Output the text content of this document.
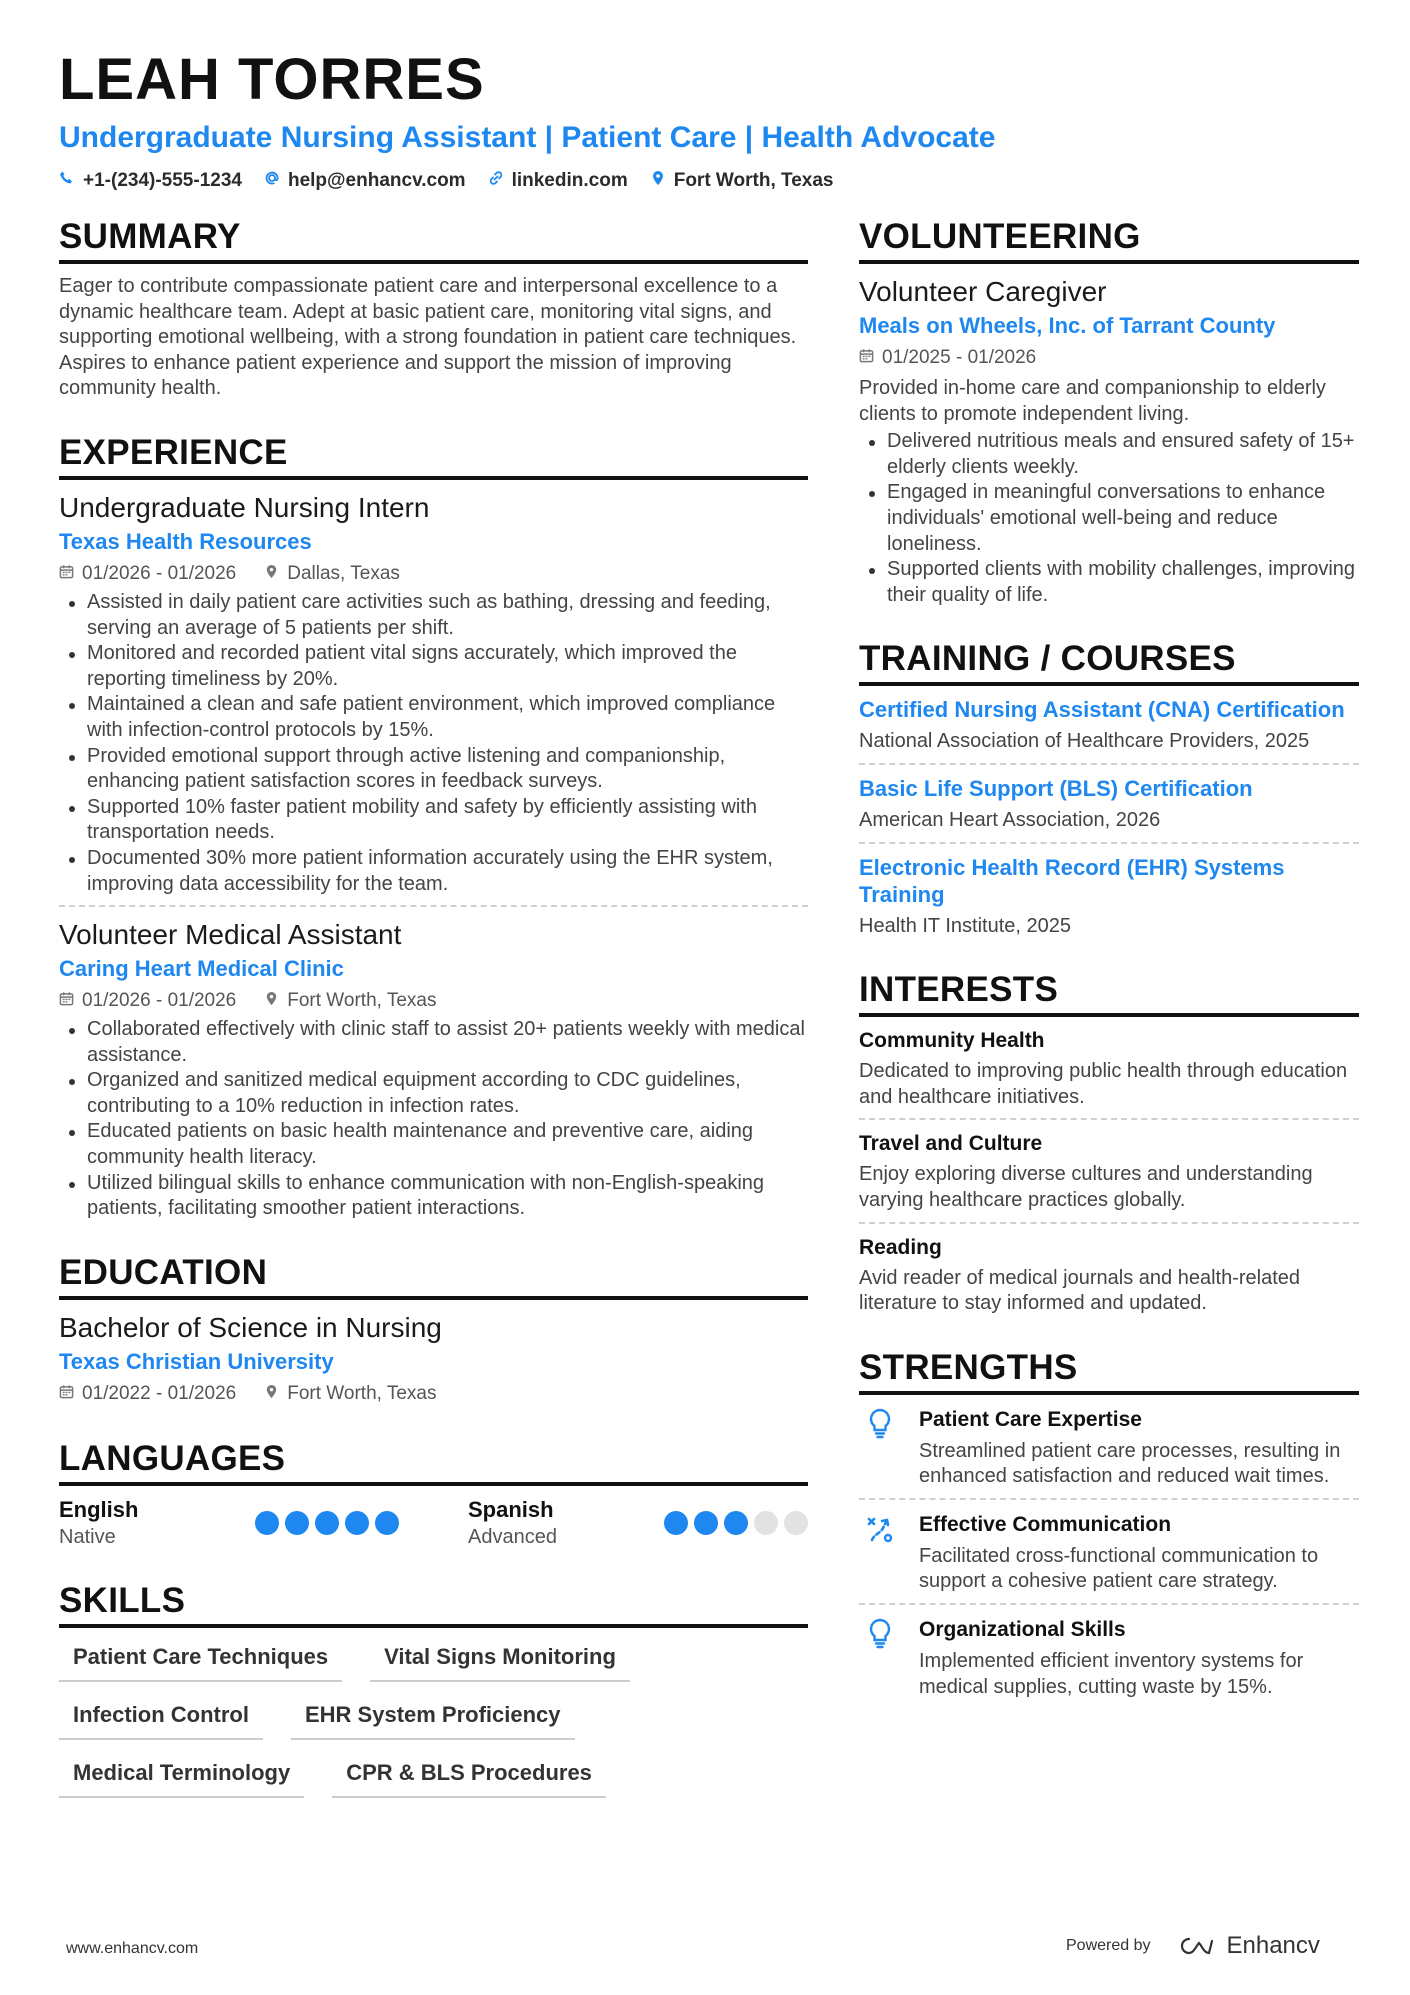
LEAH TORRES
Undergraduate Nursing Assistant | Patient Care | Health Advocate
+1-(234)-555-1234 help@enhancv.com linkedin.com Fort Worth, Texas
SUMMARY
Eager to contribute compassionate patient care and interpersonal excellence to a dynamic healthcare team. Adept at basic patient care, monitoring vital signs, and supporting emotional wellbeing, with a strong foundation in patient care techniques. Aspires to enhance patient experience and support the mission of improving community health.
EXPERIENCE
Undergraduate Nursing Intern
Texas Health Resources
01/2026 - 01/2026	Dallas, Texas
Assisted in daily patient care activities such as bathing, dressing and feeding, serving an average of 5 patients per shift.
Monitored and recorded patient vital signs accurately, which improved the reporting timeliness by 20%.
Maintained a clean and safe patient environment, which improved compliance with infection-control protocols by 15%.
Provided emotional support through active listening and companionship, enhancing patient satisfaction scores in feedback surveys.
Supported 10% faster patient mobility and safety by efficiently assisting with transportation needs.
Documented 30% more patient information accurately using the EHR system, improving data accessibility for the team.
Volunteer Medical Assistant
Caring Heart Medical Clinic
01/2026 - 01/2026	Fort Worth, Texas
Collaborated effectively with clinic staff to assist 20+ patients weekly with medical assistance.
Organized and sanitized medical equipment according to CDC guidelines, contributing to a 10% reduction in infection rates.
Educated patients on basic health maintenance and preventive care, aiding community health literacy.
Utilized bilingual skills to enhance communication with non-English-speaking patients, facilitating smoother patient interactions.
EDUCATION
Bachelor of Science in Nursing
Texas Christian University
01/2022 - 01/2026	Fort Worth, Texas
LANGUAGES
English
Native
Spanish
Advanced
SKILLS
Patient Care Techniques	Vital Signs Monitoring
Infection Control	EHR System Proficiency
Medical Terminology	CPR & BLS Procedures
VOLUNTEERING
Volunteer Caregiver
Meals on Wheels, Inc. of Tarrant County
01/2025 - 01/2026
Provided in-home care and companionship to elderly clients to promote independent living.
Delivered nutritious meals and ensured safety of 15+ elderly clients weekly.
Engaged in meaningful conversations to enhance individuals' emotional well-being and reduce loneliness.
Supported clients with mobility challenges, improving their quality of life.
TRAINING / COURSES
Certified Nursing Assistant (CNA) Certification
National Association of Healthcare Providers, 2025
Basic Life Support (BLS) Certification
American Heart Association, 2026
Electronic Health Record (EHR) Systems Training
Health IT Institute, 2025
INTERESTS
Community Health
Dedicated to improving public health through education and healthcare initiatives.
Travel and Culture
Enjoy exploring diverse cultures and understanding varying healthcare practices globally.
Reading
Avid reader of medical journals and health-related literature to stay informed and updated.
STRENGTHS
Patient Care Expertise
Streamlined patient care processes, resulting in enhanced satisfaction and reduced wait times.
Effective Communication
Facilitated cross-functional communication to support a cohesive patient care strategy.
Organizational Skills
Implemented efficient inventory systems for medical supplies, cutting waste by 15%.
www.enhancv.com	Powered by	Enhancv
